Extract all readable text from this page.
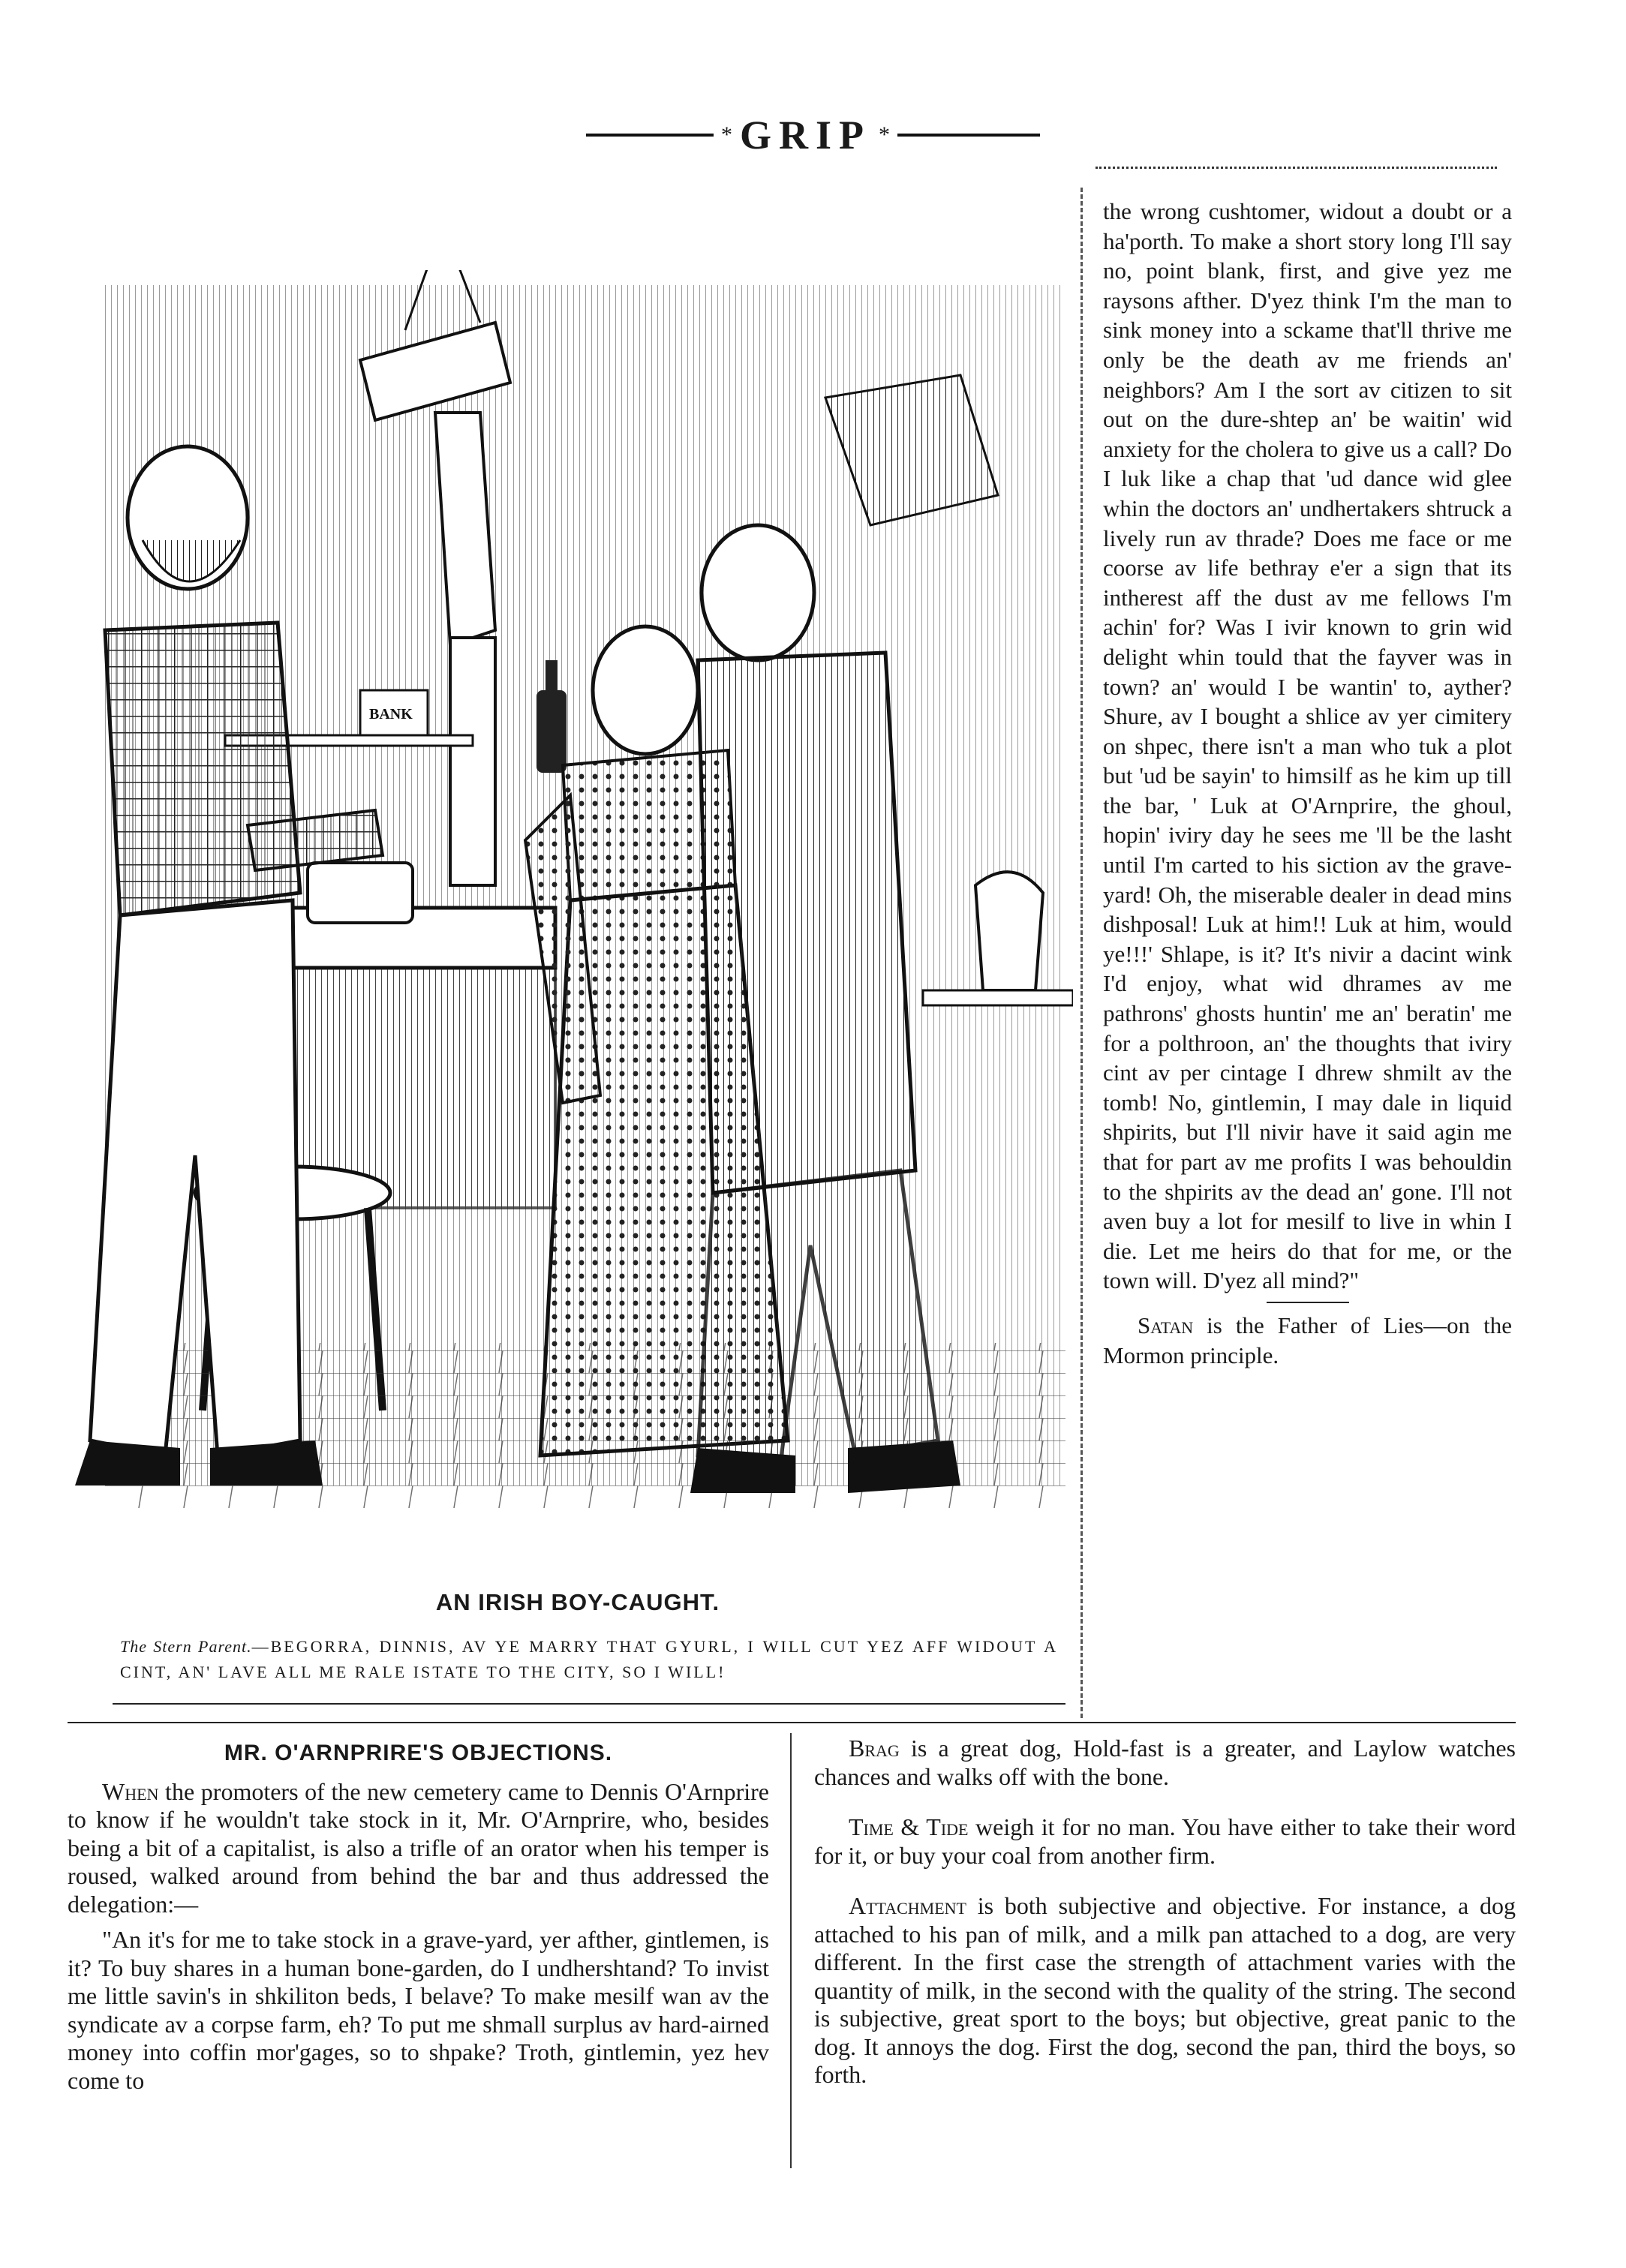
* GRIP *
BANK
AN IRISH BOY-CAUGHT.
The Stern Parent.—BEGORRA, DINNIS, AV YE MARRY THAT GYURL, I WILL CUT YEZ AFF WIDOUT A CINT, AN' LAVE ALL ME RALE ISTATE TO THE CITY, SO I WILL!

the wrong cushtomer, widout a doubt or a ha'porth. To make a short story long I'll say no, point blank, first, and give yez me raysons afther. D'yez think I'm the man to sink money into a sckame that'll thrive me only be the death av me friends an' neighbors? Am I the sort av citizen to sit out on the dure-shtep an' be waitin' wid anxiety for the cholera to give us a call? Do I luk like a chap that 'ud dance wid glee whin the doctors an' undhertakers shtruck a lively run av thrade? Does me face or me coorse av life bethray e'er a sign that its intherest aff the dust av me fellows I'm achin' for? Was I ivir known to grin wid delight whin tould that the fayver was in town? an' would I be wantin' to, ayther? Shure, av I bought a shlice av yer cimitery on shpec, there isn't a man who tuk a plot but 'ud be sayin' to himsilf as he kim up till the bar, ' Luk at O'Arnprire, the ghoul, hopin' iviry day he sees me 'll be the lasht until I'm carted to his siction av the grave-yard! Oh, the miserable dealer in dead mins dishposal! Luk at him!! Luk at him, would ye!!!' Shlape, is it? It's nivir a dacint wink I'd enjoy, what wid dhrames av me pathrons' ghosts huntin' me an' beratin' me for a polthroon, an' the thoughts that iviry cint av per cintage I dhrew shmilt av the tomb! No, gintlemin, I may dale in liquid shpirits, but I'll nivir have it said agin me that for part av me profits I was behouldin to the shpirits av the dead an' gone. I'll not aven buy a lot for mesilf to live in whin I die. Let me heirs do that for me, or the town will. D'yez all mind?"

Satan is the Father of Lies—on the Mormon principle.

MR. O'ARNPRIRE'S OBJECTIONS.

When the promoters of the new cemetery came to Dennis O'Arnprire to know if he wouldn't take stock in it, Mr. O'Arnprire, who, besides being a bit of a capitalist, is also a trifle of an orator when his temper is roused, walked around from behind the bar and thus addressed the delegation:—

"An it's for me to take stock in a grave-yard, yer afther, gintlemen, is it? To buy shares in a human bone-garden, do I undhershtand? To invist me little savin's in shkiliton beds, I belave? To make mesilf wan av the syndicate av a corpse farm, eh? To put me shmall surplus av hard-airned money into coffin mor'gages, so to shpake? Troth, gintlemin, yez hev come to

Brag is a great dog, Hold-fast is a greater, and Laylow watches chances and walks off with the bone.

Time & Tide weigh it for no man. You have either to take their word for it, or buy your coal from another firm.

Attachment is both subjective and objective. For instance, a dog attached to his pan of milk, and a milk pan attached to a dog, are very different. In the first case the strength of attachment varies with the quantity of milk, in the second with the quality of the string. The second is subjective, great sport to the boys; but objective, great panic to the dog. It annoys the dog. First the dog, second the pan, third the boys, so forth.
